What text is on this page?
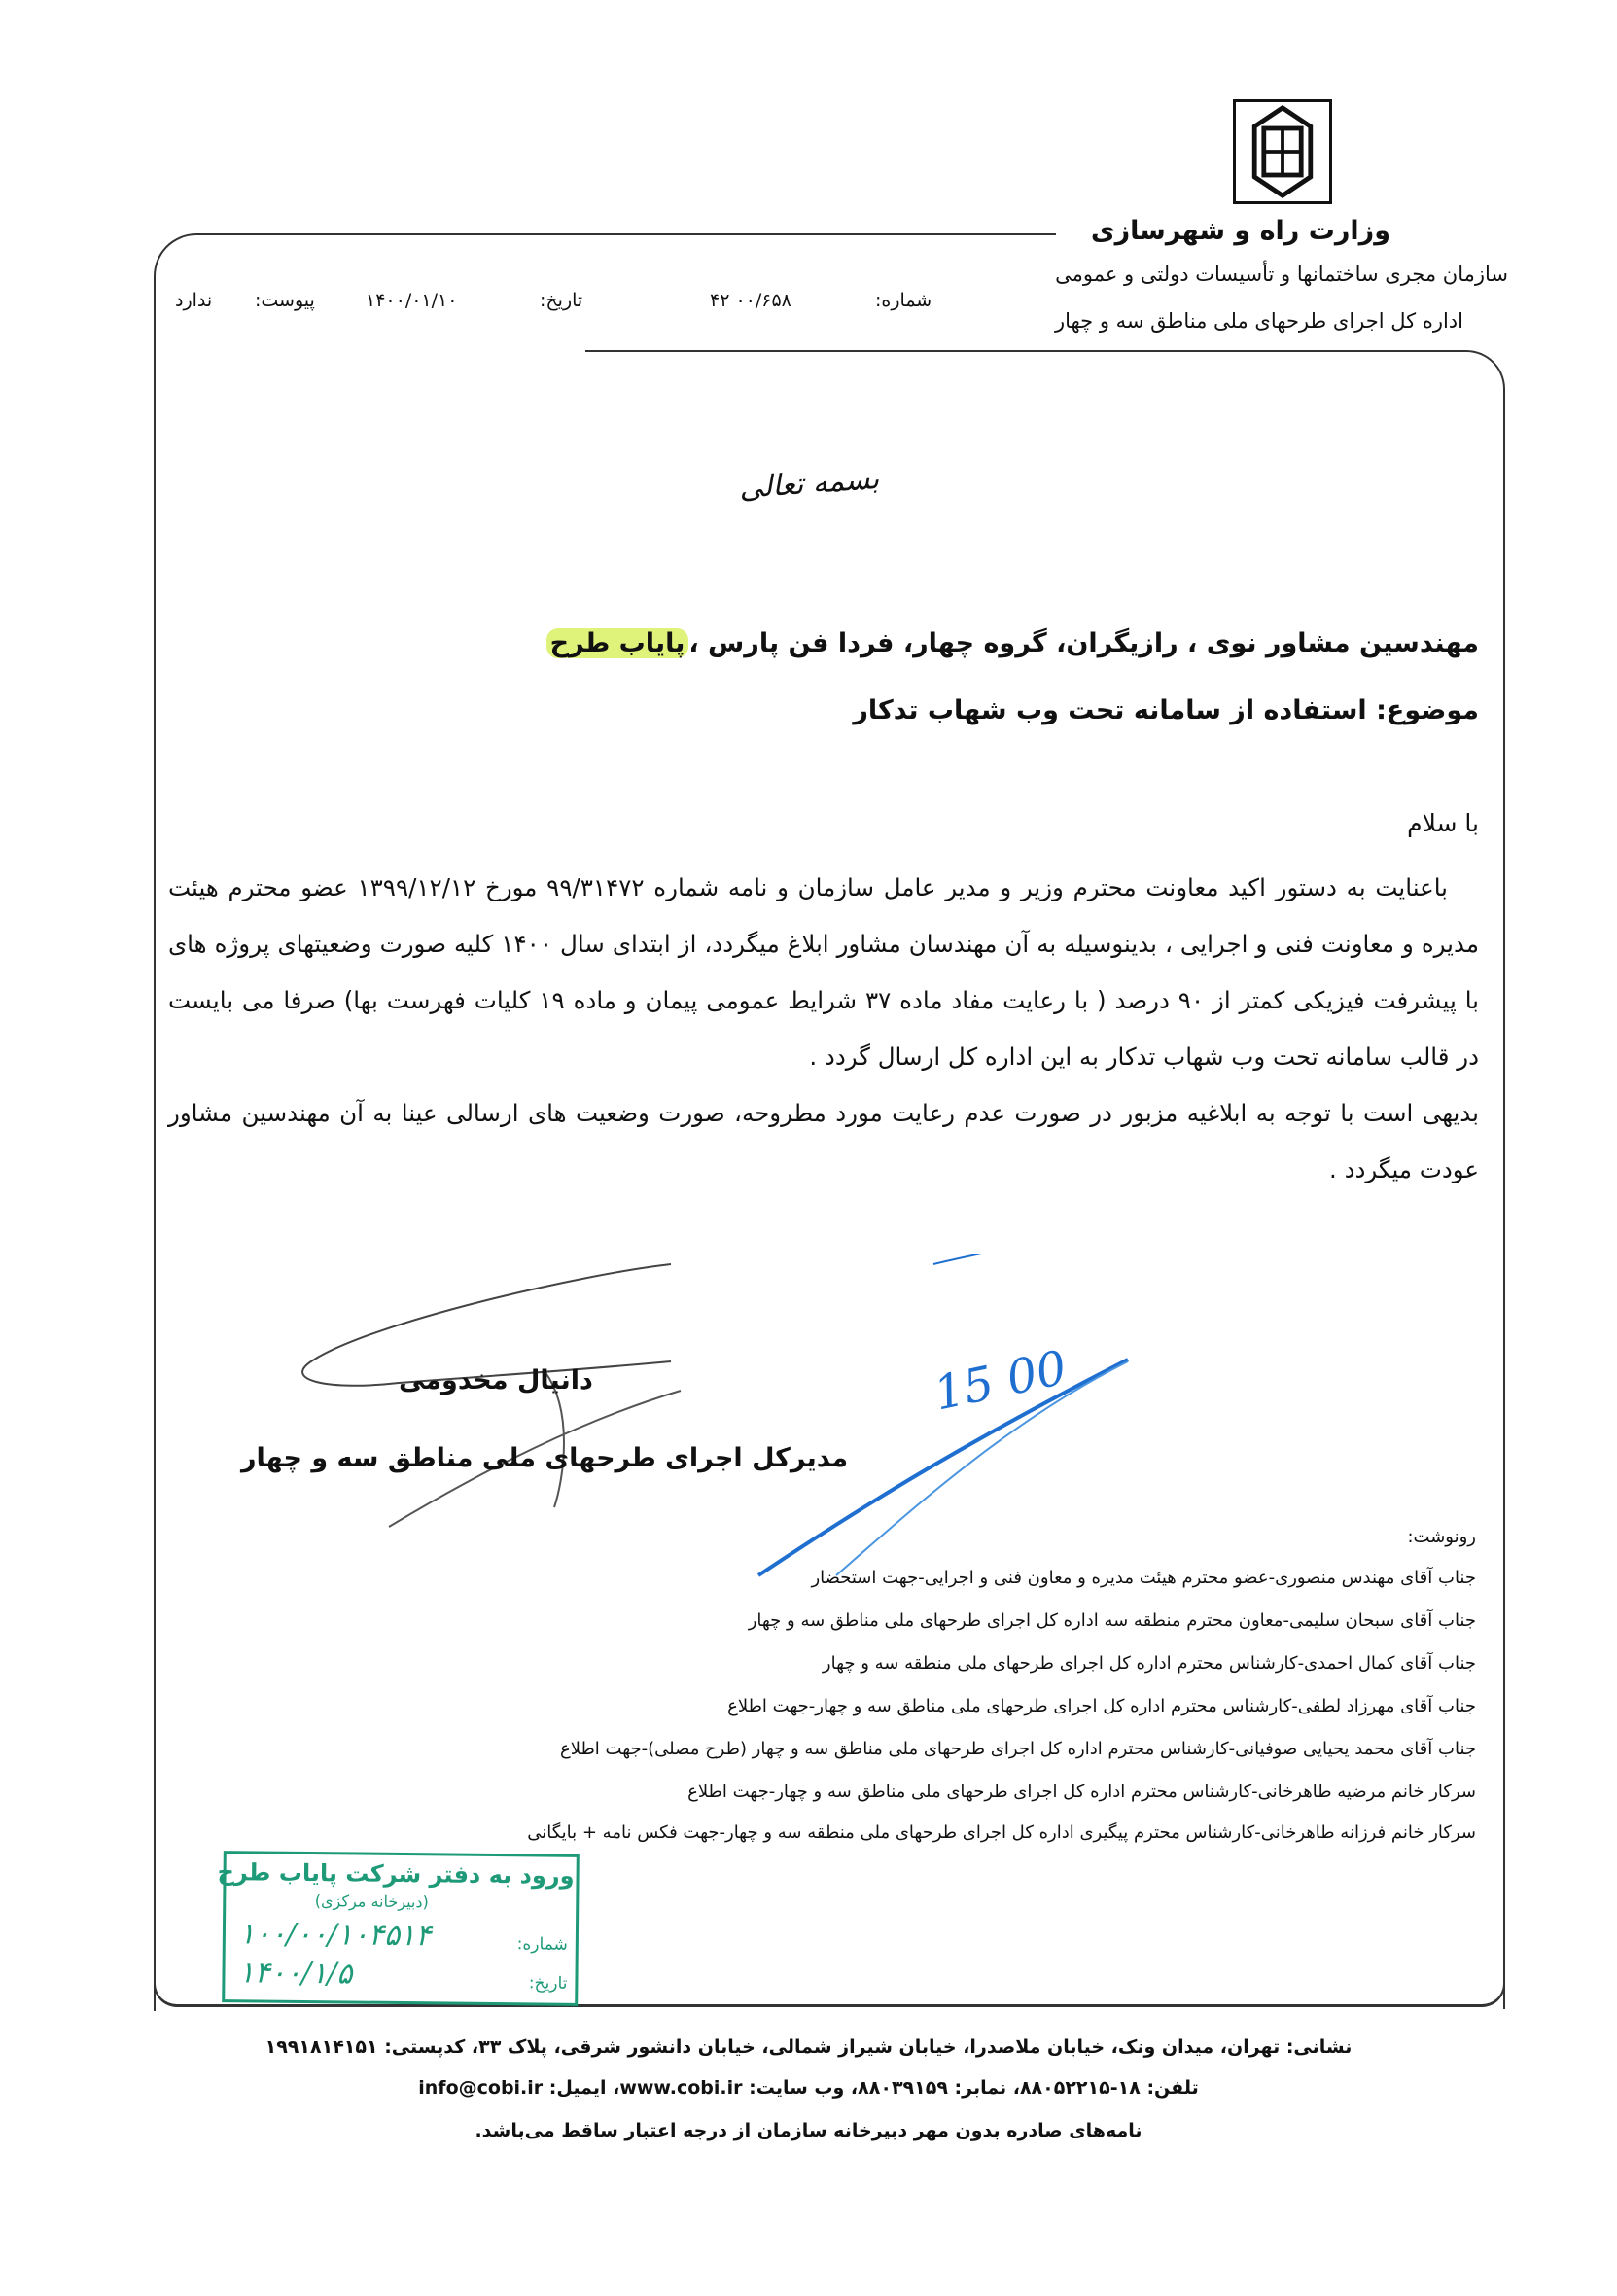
وزارت راه و شهرسازی
سازمان مجری ساختمانها و تأسیسات دولتی و عمومی
اداره کل اجرای طرحهای ملی مناطق سه و چهار
شماره:
۴۲ ۰۰/۶۵۸
تاریخ:
۱۴۰۰/۰۱/۱۰
پیوست:
ندارد
بسمه تعالی
مهندسین مشاور نوی ، رازیگران، گروه چهار، فردا فن پارس ،پایاب طرح
موضوع: استفاده از سامانه تحت وب شهاب تدکار
با سلام

باعنایت به دستور اکید معاونت محترم وزیر و مدیر عامل سازمان و نامه شماره ۹۹/۳۱۴۷۲ مورخ ۱۳۹۹/۱۲/۱۲ عضو محترم هیئت مدیره و معاونت فنی و اجرایی ، بدینوسیله به آن مهندسان مشاور ابلاغ میگردد، از ابتدای سال ۱۴۰۰ کلیه صورت وضعیتهای پروژه های با پیشرفت فیزیکی کمتر از ۹۰ درصد ( با رعایت مفاد ماده ۳۷ شرایط عمومی پیمان و ماده ۱۹ کلیات فهرست بها) صرفا می بایست در قالب سامانه تحت وب شهاب تدکار به این اداره کل ارسال گردد .

بدیهی است با توجه به ابلاغیه مزبور در صورت عدم رعایت مورد مطروحه، صورت وضعیت های ارسالی عینا به آن مهندسین مشاور عودت میگردد .

15 00
دانیال مخدومی
مدیرکل اجرای طرحهای ملی مناطق سه و چهار
رونوشت:
جناب آقای مهندس منصوری-عضو محترم هیئت مدیره و معاون فنی و اجرایی-جهت استحضار
جناب آقای سبحان سلیمی-معاون محترم منطقه سه اداره کل اجرای طرحهای ملی مناطق سه و چهار
جناب آقای کمال احمدی-کارشناس محترم اداره کل اجرای طرحهای ملی منطقه سه و چهار
جناب آقای مهرزاد لطفی-کارشناس محترم اداره کل اجرای طرحهای ملی مناطق سه و چهار-جهت اطلاع
جناب آقای محمد یحیایی صوفیانی-کارشناس محترم اداره کل اجرای طرحهای ملی مناطق سه و چهار (طرح مصلی)-جهت اطلاع
سرکار خانم مرضیه طاهرخانی-کارشناس محترم اداره کل اجرای طرحهای ملی مناطق سه و چهار-جهت اطلاع
سرکار خانم فرزانه طاهرخانی-کارشناس محترم پیگیری اداره کل اجرای طرحهای ملی منطقه سه و چهار-جهت فکس نامه + بایگانی
ورود به دفتر شرکت پایاب طرح
(دبیرخانه مرکزی)
شماره:
۱۰۰/۰۰/۱۰۴۵۱۴
تاریخ:
۱۴۰۰/۱/۵
نشانی: تهران، میدان ونک، خیابان ملاصدرا، خیابان شیراز شمالی، خیابان دانشور شرقی، پلاک ۳۳، کدپستی: ۱۹۹۱۸۱۴۱۵۱
تلفن: ۱۸-۸۸۰۵۲۲۱۵، نمابر: ۸۸۰۳۹۱۵۹، وب سایت: www.cobi.ir، ایمیل: info@cobi.ir
نامه‌های صادره بدون مهر دبیرخانه سازمان از درجه اعتبار ساقط می‌باشد.
